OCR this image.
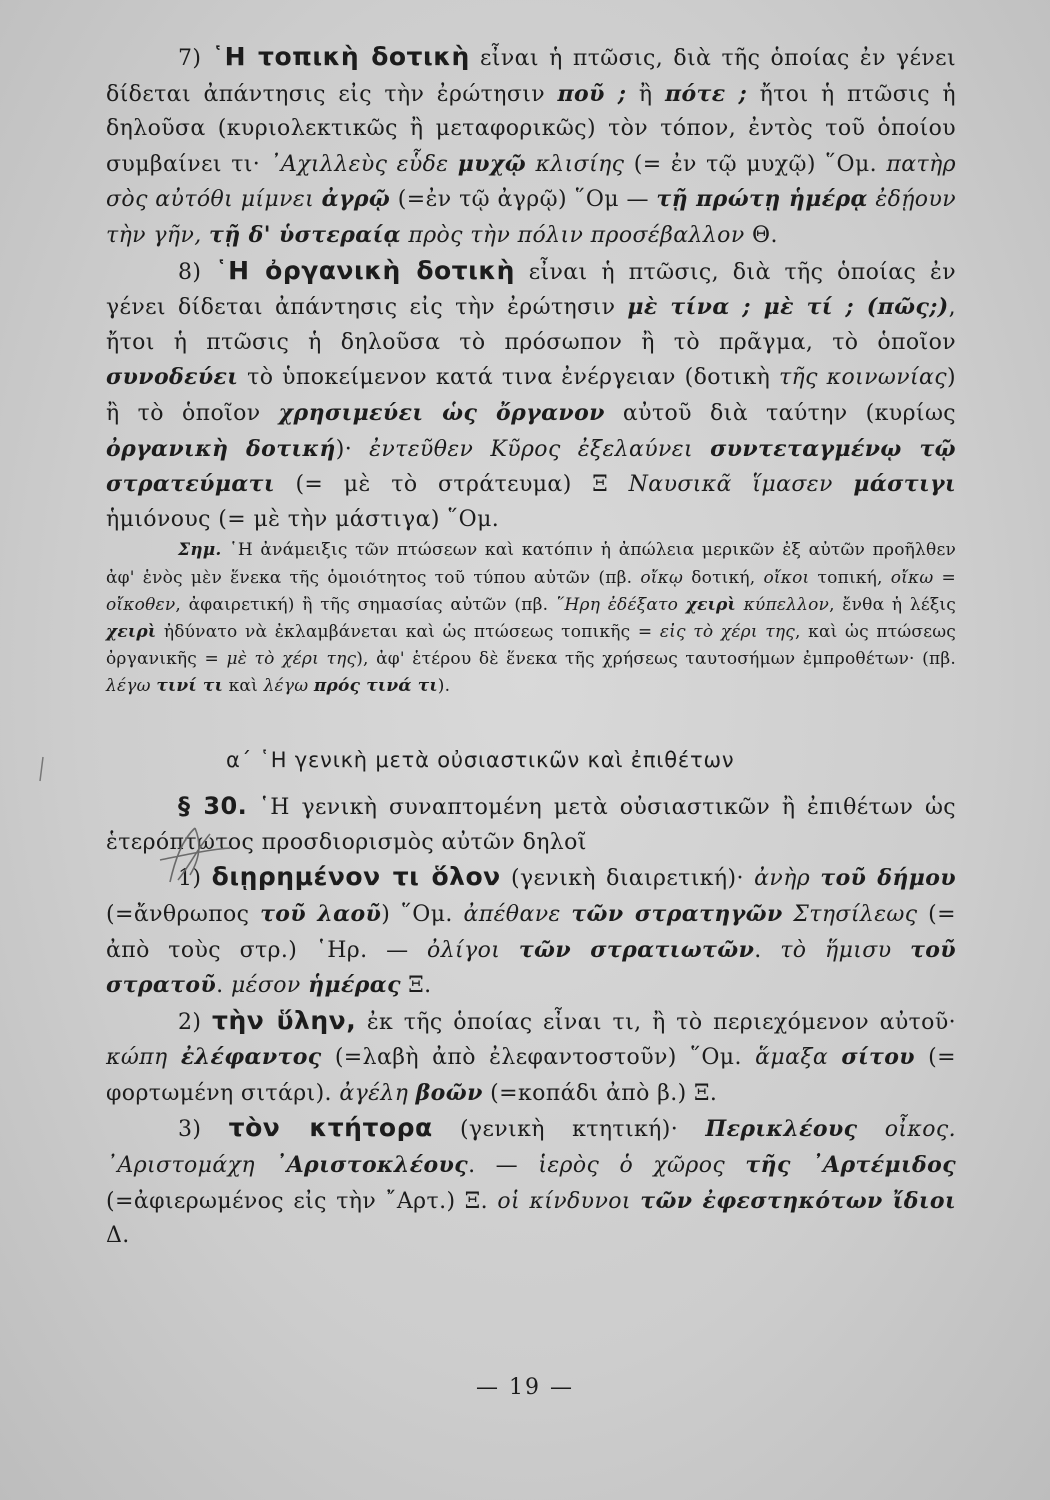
7) ῾Η τοπικὴ δοτικὴ εἶναι ἡ πτῶσις, διὰ τῆς ὁποίας ἐν γένει δίδεται ἀπάντησις εἰς τὴν ἐρώτησιν ποῦ ; ἢ πότε ; ἤτοι ἡ πτῶσις ἡ δηλοῦσα (κυριολεκτικῶς ἢ μεταφορικῶς) τὸν τόπον, ἐντὸς τοῦ ὁποίου συμβαίνει τι· ᾿Αχιλλεὺς εὗδε μυχῷ κλισίης (= ἐν τῷ μυχῷ) ῞Ομ. πατὴρ σὸς αὐτόθι μίμνει ἀγρῷ (=ἐν τῷ ἀγρῷ) ῞Ομ — τῇ πρώτῃ ἡμέρᾳ ἐδῄουν τὴν γῆν, τῇ δ' ὑστεραίᾳ πρὸς τὴν πόλιν προσέβαλλον Θ.

8) ῾Η ὀργανικὴ δοτικὴ εἶναι ἡ πτῶσις, διὰ τῆς ὁποίας ἐν γένει δίδεται ἀπάντησις εἰς τὴν ἐρώτησιν μὲ τίνα ; μὲ τί ; (πῶς;), ἤτοι ἡ πτῶσις ἡ δηλοῦσα τὸ πρόσωπον ἢ τὸ πρᾶγμα, τὸ ὁποῖον συνοδεύει τὸ ὑποκείμενον κατά τινα ἐνέργειαν (δοτικὴ τῆς κοινωνίας) ἢ τὸ ὁποῖον χρησιμεύει ὡς ὄργανον αὐτοῦ διὰ ταύτην (κυρίως ὀργανικὴ δοτική)· ἐντεῦθεν Κῦρος ἐξελαύνει συντεταγμένῳ τῷ στρατεύματι (= μὲ τὸ στράτευμα) Ξ Ναυσικᾶ ἵμασεν μάστιγι ἡμιόνους (= μὲ τὴν μάστιγα) ῞Ομ.

Σημ. ῾Η ἀνάμειξις τῶν πτώσεων καὶ κατόπιν ἡ ἀπώλεια μερικῶν ἐξ αὐτῶν προῆλθεν ἀφ' ἑνὸς μὲν ἕνεκα τῆς ὁμοιότητος τοῦ τύπου αὐτῶν (πβ. οἴκῳ δοτική, οἴκοι τοπική, οἴκω = οἴκοθεν, ἀφαιρετική) ἢ τῆς σημασίας αὐτῶν (πβ. ῞Ηρη ἐδέξατο χειρὶ κύπελλον, ἔνθα ἡ λέξις χειρὶ ἠδύνατο νὰ ἐκλαμβάνεται καὶ ὡς πτώσεως τοπικῆς = εἰς τὸ χέρι της, καὶ ὡς πτώσεως ὀργανικῆς = μὲ τὸ χέρι της), ἀφ' ἑτέρου δὲ ἕνεκα τῆς χρήσεως ταυτοσήμων ἐμπροθέτων· (πβ. λέγω τινί τι καὶ λέγω πρός τινά τι).

α΄ ῾Η γενικὴ μετὰ οὐσιαστικῶν καὶ ἐπιθέτων

§ 30. ῾Η γενικὴ συναπτομένη μετὰ οὐσιαστικῶν ἢ ἐπιθέτων ὡς ἑτερόπτωτος προσδιορισμὸς αὐτῶν δηλοῖ

1) διῃρημένον τι ὅλον (γενικὴ διαιρετική)· ἀνὴρ τοῦ δήμου (=ἄνθρωπος τοῦ λαοῦ) ῞Ομ. ἀπέθανε τῶν στρατηγῶν Στησίλεως (= ἀπὸ τοὺς στρ.) ῾Ηρ. — ὀλίγοι τῶν στρατιωτῶν. τὸ ἥμισυ τοῦ στρατοῦ. μέσον ἡμέρας Ξ.

2) τὴν ὕλην, ἐκ τῆς ὁποίας εἶναι τι, ἢ τὸ περιεχόμενον αὐτοῦ· κώπη ἐλέφαντος (=λαβὴ ἀπὸ ἐλεφαντοστοῦν) ῞Ομ. ἅμαξα σίτου (= φορτωμένη σιτάρι). ἀγέλη βοῶν (=κοπάδι ἀπὸ β.) Ξ.

3) τὸν κτήτορα (γενικὴ κτητική)· Περικλέους οἶκος. ᾿Αριστομάχη ᾿Αριστοκλέους. — ἱερὸς ὁ χῶρος τῆς ᾿Αρτέμιδος (=ἀφιερωμένος εἰς τὴν ῎Αρτ.) Ξ. οἱ κίνδυνοι τῶν ἐφεστηκότων ἴδιοι Δ.

— 19 —
